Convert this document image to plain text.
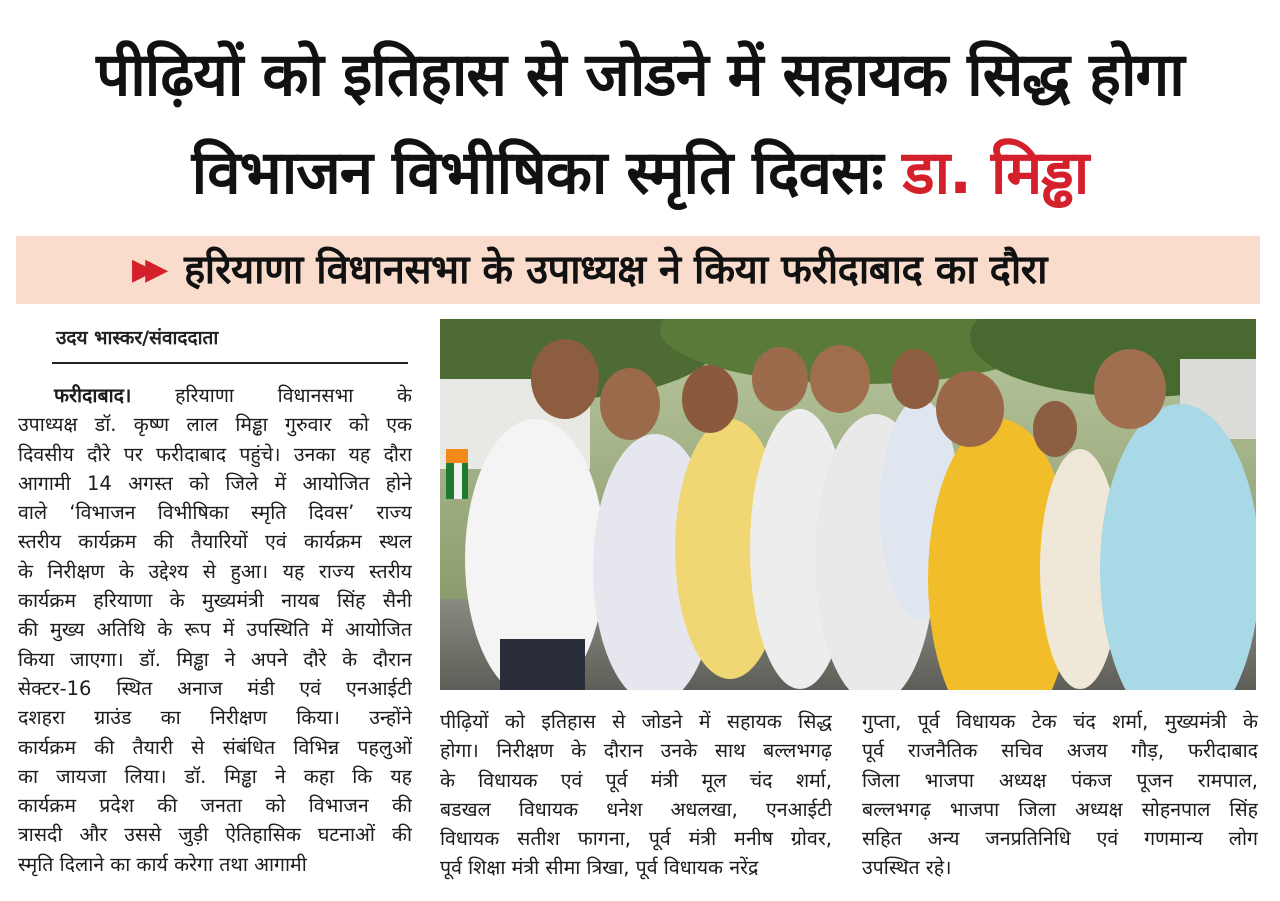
पीढ़ियों को इतिहास से जोडने में सहायक सिद्ध होगा
विभाजन विभीषिका स्मृति दिवसः डा. मिड्ढा
▶▶ हरियाणा विधानसभा के उपाध्यक्ष ने किया फरीदाबाद का दौरा
उदय भास्कर/संवाददाता
फरीदाबाद। हरियाणा विधानसभा के
उपाध्यक्ष डॉ. कृष्ण लाल मिड्ढा गुरुवार को एक
दिवसीय दौरे पर फरीदाबाद पहुंचे। उनका यह दौरा
आगामी 14 अगस्त को जिले में आयोजित होने
वाले ‘विभाजन विभीषिका स्मृति दिवस’ राज्य
स्तरीय कार्यक्रम की तैयारियों एवं कार्यक्रम स्थल
के निरीक्षण के उद्देश्य से हुआ। यह राज्य स्तरीय
कार्यक्रम हरियाणा के मुख्यमंत्री नायब सिंह सैनी
की मुख्य अतिथि के रूप में उपस्थिति में आयोजित
किया जाएगा। डॉ. मिड्ढा ने अपने दौरे के दौरान
सेक्टर-16 स्थित अनाज मंडी एवं एनआईटी
दशहरा ग्राउंड का निरीक्षण किया। उन्होंने
कार्यक्रम की तैयारी से संबंधित विभिन्न पहलुओं
का जायजा लिया। डॉ. मिड्ढा ने कहा कि यह
कार्यक्रम प्रदेश की जनता को विभाजन की
त्रासदी और उससे जुड़ी ऐतिहासिक घटनाओं की
स्मृति दिलाने का कार्य करेगा तथा आगामी
पीढ़ियों को इतिहास से जोडने में सहायक सिद्ध
होगा। निरीक्षण के दौरान उनके साथ बल्लभगढ़
के विधायक एवं पूर्व मंत्री मूल चंद शर्मा,
बडखल विधायक धनेश अधलखा, एनआईटी
विधायक सतीश फागना, पूर्व मंत्री मनीष ग्रोवर,
पूर्व शिक्षा मंत्री सीमा त्रिखा, पूर्व विधायक नरेंद्र
गुप्ता, पूर्व विधायक टेक चंद शर्मा, मुख्यमंत्री के
पूर्व राजनैतिक सचिव अजय गौड़, फरीदाबाद
जिला भाजपा अध्यक्ष पंकज पूजन रामपाल,
बल्लभगढ़ भाजपा जिला अध्यक्ष सोहनपाल सिंह
सहित अन्य जनप्रतिनिधि एवं गणमान्य लोग
उपस्थित रहे।
